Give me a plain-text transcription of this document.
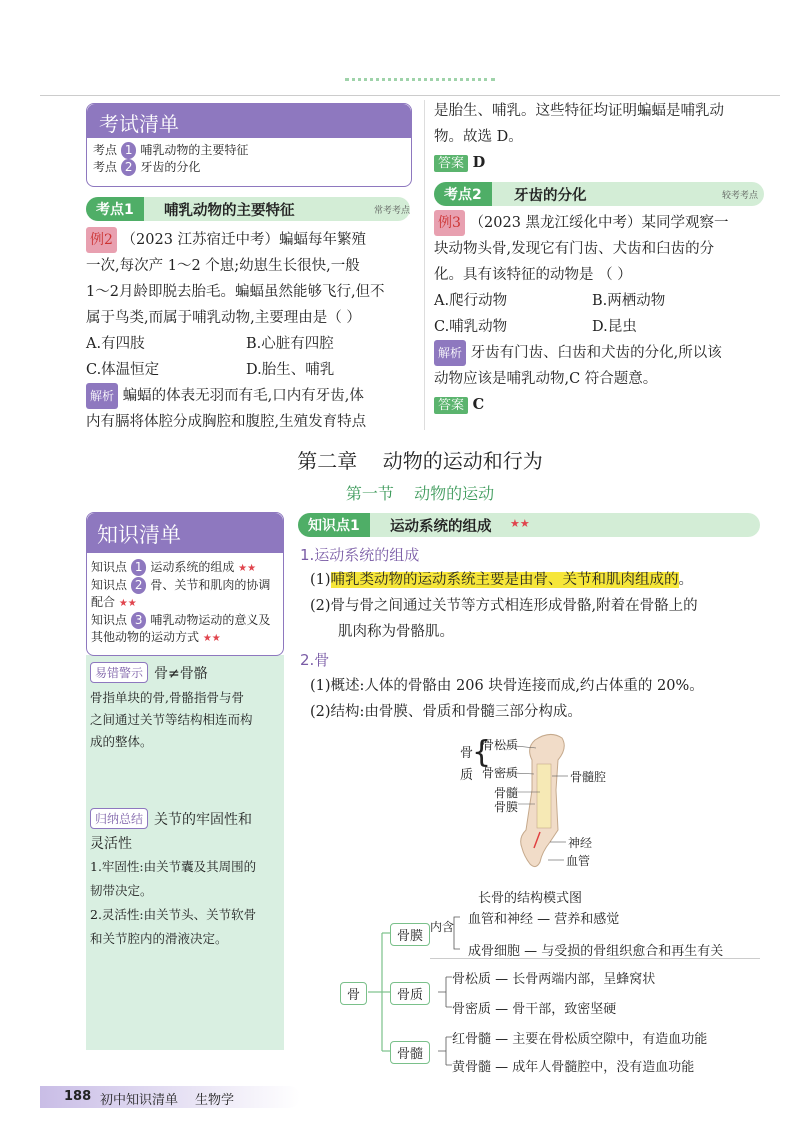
考试清单
考点 1 哺乳动物的主要特征
考点 2 牙齿的分化
考点1	哺乳动物的主要特征	常考考点
例2 （2023 江苏宿迁中考）蝙蝠每年繁殖
一次,每次产 1～2 个崽;幼崽生长很快,一般
1～2月龄即脱去胎毛。蝙蝠虽然能够飞行,但不
属于鸟类,而属于哺乳动物,主要理由是（ ）
A.有四肢	B.心脏有四腔
C.体温恒定	D.胎生、哺乳
解析 蝙蝠的体表无羽而有毛,口内有牙齿,体
内有膈将体腔分成胸腔和腹腔,生殖发育特点
是胎生、哺乳。这些特征均证明蝙蝠是哺乳动
物。故选 D。
答案 D
考点2	牙齿的分化	较考考点
例3 （2023 黑龙江绥化中考）某同学观察一
块动物头骨,发现它有门齿、犬齿和臼齿的分
化。具有该特征的动物是 （ ）
A.爬行动物	B.两栖动物
C.哺乳动物	D.昆虫
解析 牙齿有门齿、臼齿和犬齿的分化,所以该
动物应该是哺乳动物,C 符合题意。
答案 C
第二章    动物的运动和行为
第一节    动物的运动
知识清单
知识点 1 运动系统的组成 ★★
知识点 2 骨、关节和肌肉的协调配合 ★★
知识点 3 哺乳动物运动的意义及其他动物的运动方式 ★★
易错警示 骨≠骨骼
骨指单块的骨,骨骼指骨与骨
之间通过关节等结构相连而构
成的整体。
归纳总结 关节的牢固性和
灵活性
1.牢固性:由关节囊及其周围的
韧带决定。
2.灵活性:由关节头、关节软骨
和关节腔内的滑液决定。
知识点1	运动系统的组成 ★★
1.运动系统的组成
(1)哺乳类动物的运动系统主要是由骨、关节和肌肉组成的。
(2)骨与骨之间通过关节等方式相连形成骨骼,附着在骨骼上的
肌肉称为骨骼肌。
2.骨
(1)概述:人体的骨骼由 206 块骨连接而成,约占体重的 20%。
(2)结构:由骨膜、骨质和骨髓三部分构成。
骨
质
{
骨松质
骨密质
骨髓
骨膜
骨髓腔
神经
血管
长骨的结构模式图
骨
骨膜
内含 血管和神经 — 营养和感觉
成骨细胞 — 与受损的骨组织愈合和再生有关
骨质
骨松质 — 长骨两端内部，呈蜂窝状
骨密质 — 骨干部，致密坚硬
骨髓
红骨髓 — 主要在骨松质空隙中，有造血功能
黄骨髓 — 成年人骨髓腔中，没有造血功能
188 初中知识清单 生物学
